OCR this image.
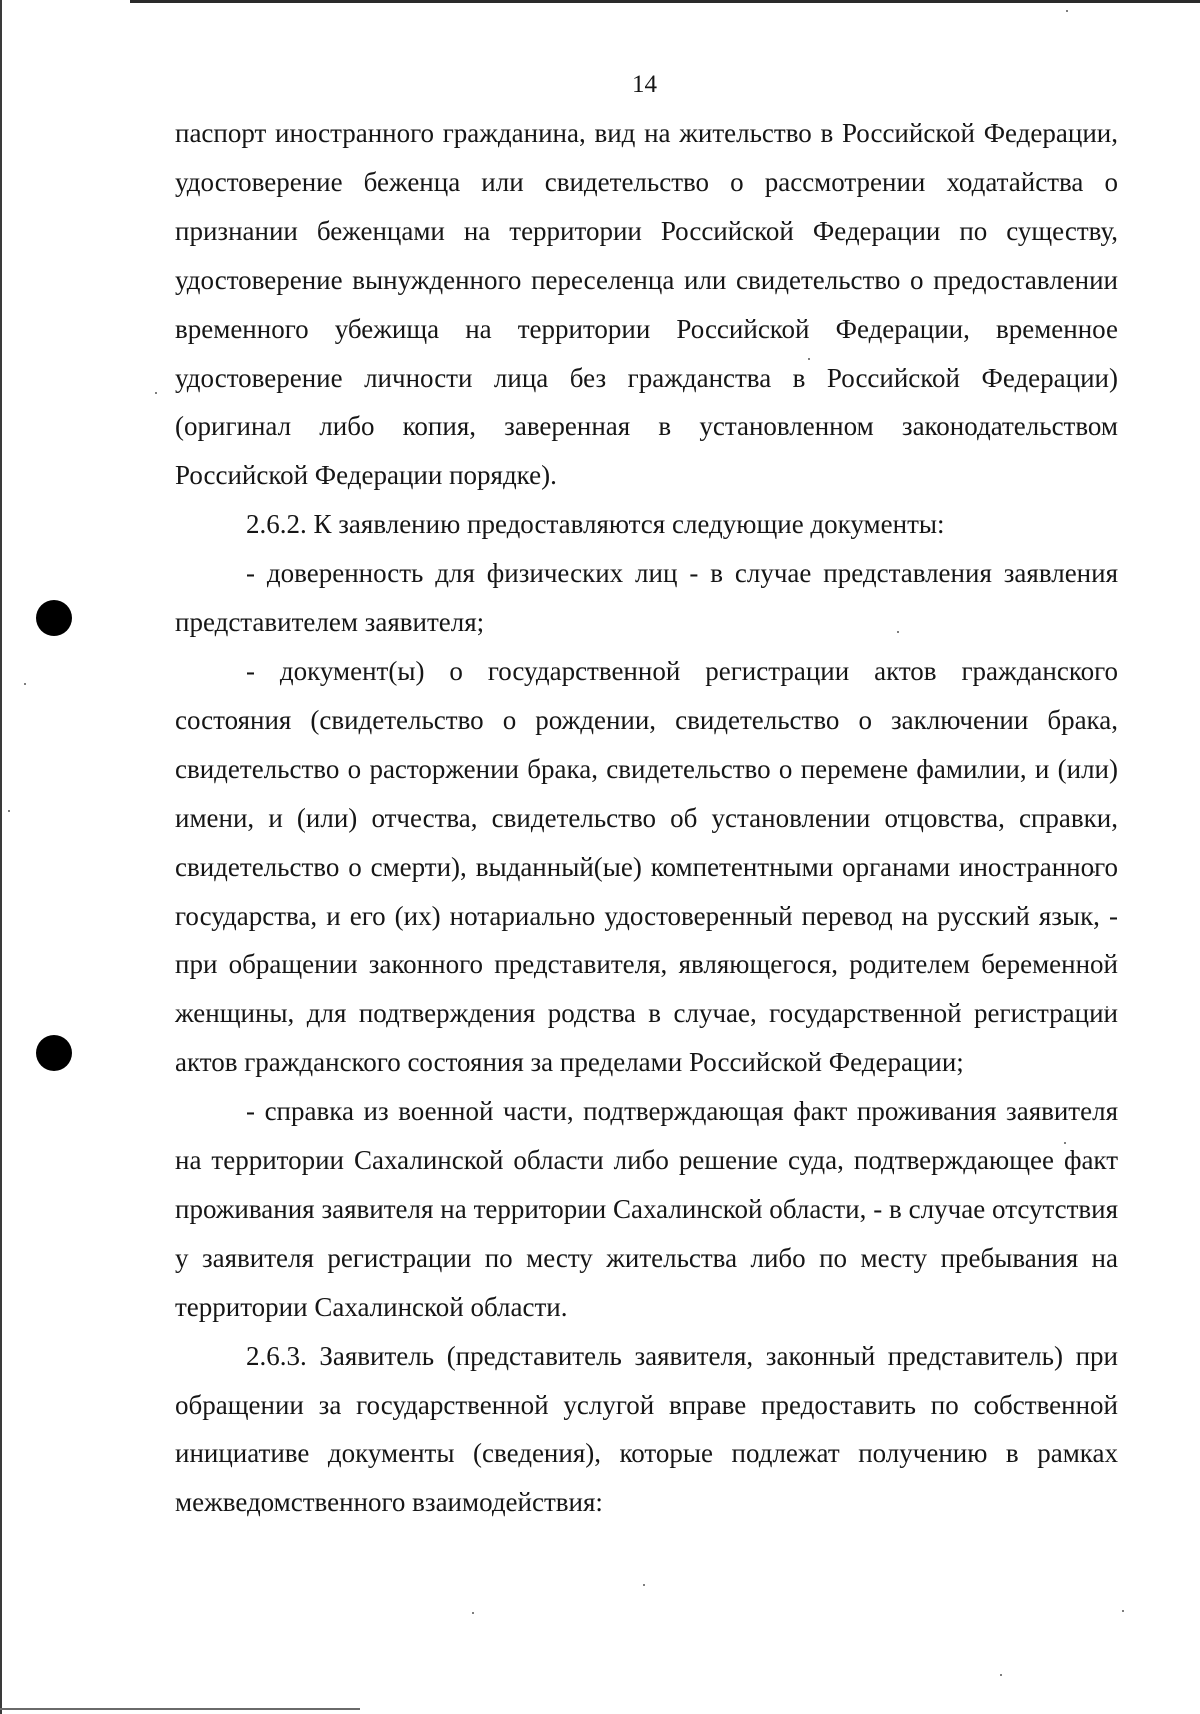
14

паспорт иностранного гражданина, вид на жительство в Российской Федерации, удостоверение беженца или свидетельство о рассмотрении ходатайства о признании беженцами на территории Российской Федерации по существу, удостоверение вынужденного переселенца или свидетельство о предоставлении временного убежища на территории Российской Федерации, временное удостоверение личности лица без гражданства в Российской Федерации) (оригинал либо копия, заверенная в установленном законодательством Российской Федерации порядке).

2.6.2. К заявлению предоставляются следующие документы:

- доверенность для физических лиц - в случае представления заявления представителем заявителя;

- документ(ы) о государственной регистрации актов гражданского состояния (свидетельство о рождении, свидетельство о заключении брака, свидетельство о расторжении брака, свидетельство о перемене фамилии, и (или) имени, и (или) отчества, свидетельство об установлении отцовства, справки, свидетельство о смерти), выданный(ые) компетентными органами иностранного государства, и его (их) нотариально удостоверенный перевод на русский язык, - при обращении законного представителя, являющегося, родителем беременной женщины, для подтверждения родства в случае, государственной регистрации актов гражданского состояния за пределами Российской Федерации;

- справка из военной части, подтверждающая факт проживания заявителя на территории Сахалинской области либо решение суда, подтверждающее факт проживания заявителя на территории Сахалинской области, - в случае отсутствия у заявителя регистрации по месту жительства либо по месту пребывания на территории Сахалинской области.

2.6.3. Заявитель (представитель заявителя, законный представитель) при обращении за государственной услугой вправе предоставить по собственной инициативе документы (сведения), которые подлежат получению в рамках межведомственного взаимодействия:
